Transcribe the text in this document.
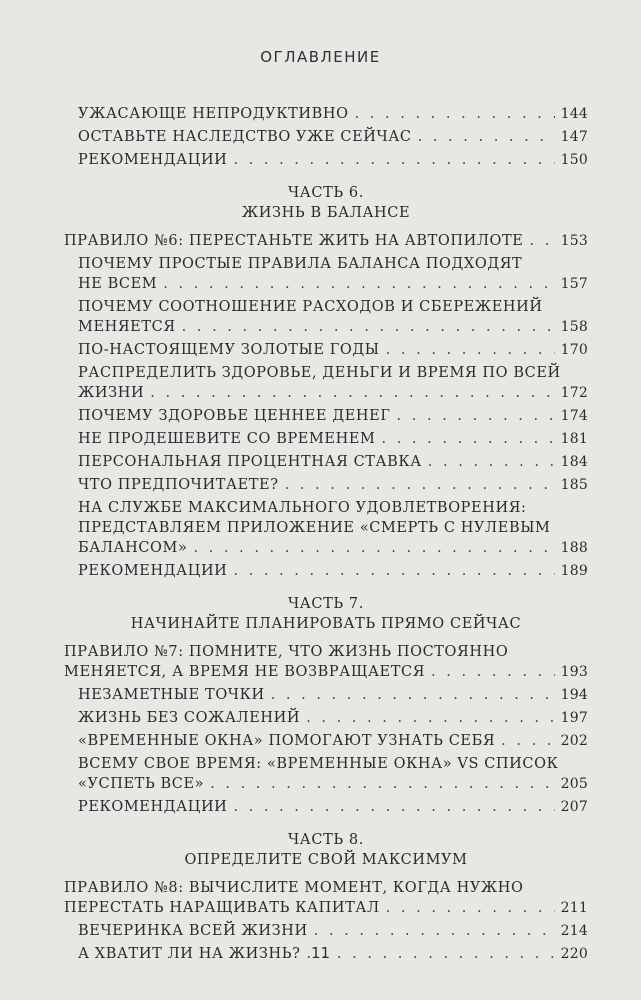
ОГЛАВЛЕНИЕ
УЖАСАЮЩЕ НЕПРОДУКТИВНО . . .	144
ОСТАВЬТЕ НАСЛЕДСТВО УЖЕ СЕЙЧАС . . .	147
РЕКОМЕНДАЦИИ . . .	150
ЧАСТЬ 6.
ЖИЗНЬ В БАЛАНСЕ
ПРАВИЛО №6: ПЕРЕСТАНЬТЕ ЖИТЬ НА АВТОПИЛОТЕ . . .	153
ПОЧЕМУ ПРОСТЫЕ ПРАВИЛА БАЛАНСА ПОДХОДЯТ
НЕ ВСЕМ . . .	157
ПОЧЕМУ СООТНОШЕНИЕ РАСХОДОВ И СБЕРЕЖЕНИЙ
МЕНЯЕТСЯ . . .	158
ПО-НАСТОЯЩЕМУ ЗОЛОТЫЕ ГОДЫ . . .	170
РАСПРЕДЕЛИТЬ ЗДОРОВЬЕ, ДЕНЬГИ И ВРЕМЯ ПО ВСЕЙ
ЖИЗНИ . . .	172
ПОЧЕМУ ЗДОРОВЬЕ ЦЕННЕЕ ДЕНЕГ . . .	174
НЕ ПРОДЕШЕВИТЕ СО ВРЕМЕНЕМ . . .	181
ПЕРСОНАЛЬНАЯ ПРОЦЕНТНАЯ СТАВКА . . .	184
ЧТО ПРЕДПОЧИТАЕТЕ? . . .	185
НА СЛУЖБЕ МАКСИМАЛЬНОГО УДОВЛЕТВОРЕНИЯ:
ПРЕДСТАВЛЯЕМ ПРИЛОЖЕНИЕ «СМЕРТЬ С НУЛЕВЫМ
БАЛАНСОМ» . . .	188
РЕКОМЕНДАЦИИ . . .	189
ЧАСТЬ 7.
НАЧИНАЙТЕ ПЛАНИРОВАТЬ ПРЯМО СЕЙЧАС
ПРАВИЛО №7: ПОМНИТЕ, ЧТО ЖИЗНЬ ПОСТОЯННО
МЕНЯЕТСЯ, А ВРЕМЯ НЕ ВОЗВРАЩАЕТСЯ . . .	193
НЕЗАМЕТНЫЕ ТОЧКИ . . .	194
ЖИЗНЬ БЕЗ СОЖАЛЕНИЙ . . .	197
«ВРЕМЕННЫЕ ОКНА» ПОМОГАЮТ УЗНАТЬ СЕБЯ . . .	202
ВСЕМУ СВОЕ ВРЕМЯ: «ВРЕМЕННЫЕ ОКНА» VS СПИСОК
«УСПЕТЬ ВСЕ» . . .	205
РЕКОМЕНДАЦИИ . . .	207
ЧАСТЬ 8.
ОПРЕДЕЛИТЕ СВОЙ МАКСИМУМ
ПРАВИЛО №8: ВЫЧИСЛИТЕ МОМЕНТ, КОГДА НУЖНО
ПЕРЕСТАТЬ НАРАЩИВАТЬ КАПИТАЛ . . .	211
ВЕЧЕРИНКА ВСЕЙ ЖИЗНИ . . .	214
А ХВАТИТ ЛИ НА ЖИЗНЬ? . . .	220
11
